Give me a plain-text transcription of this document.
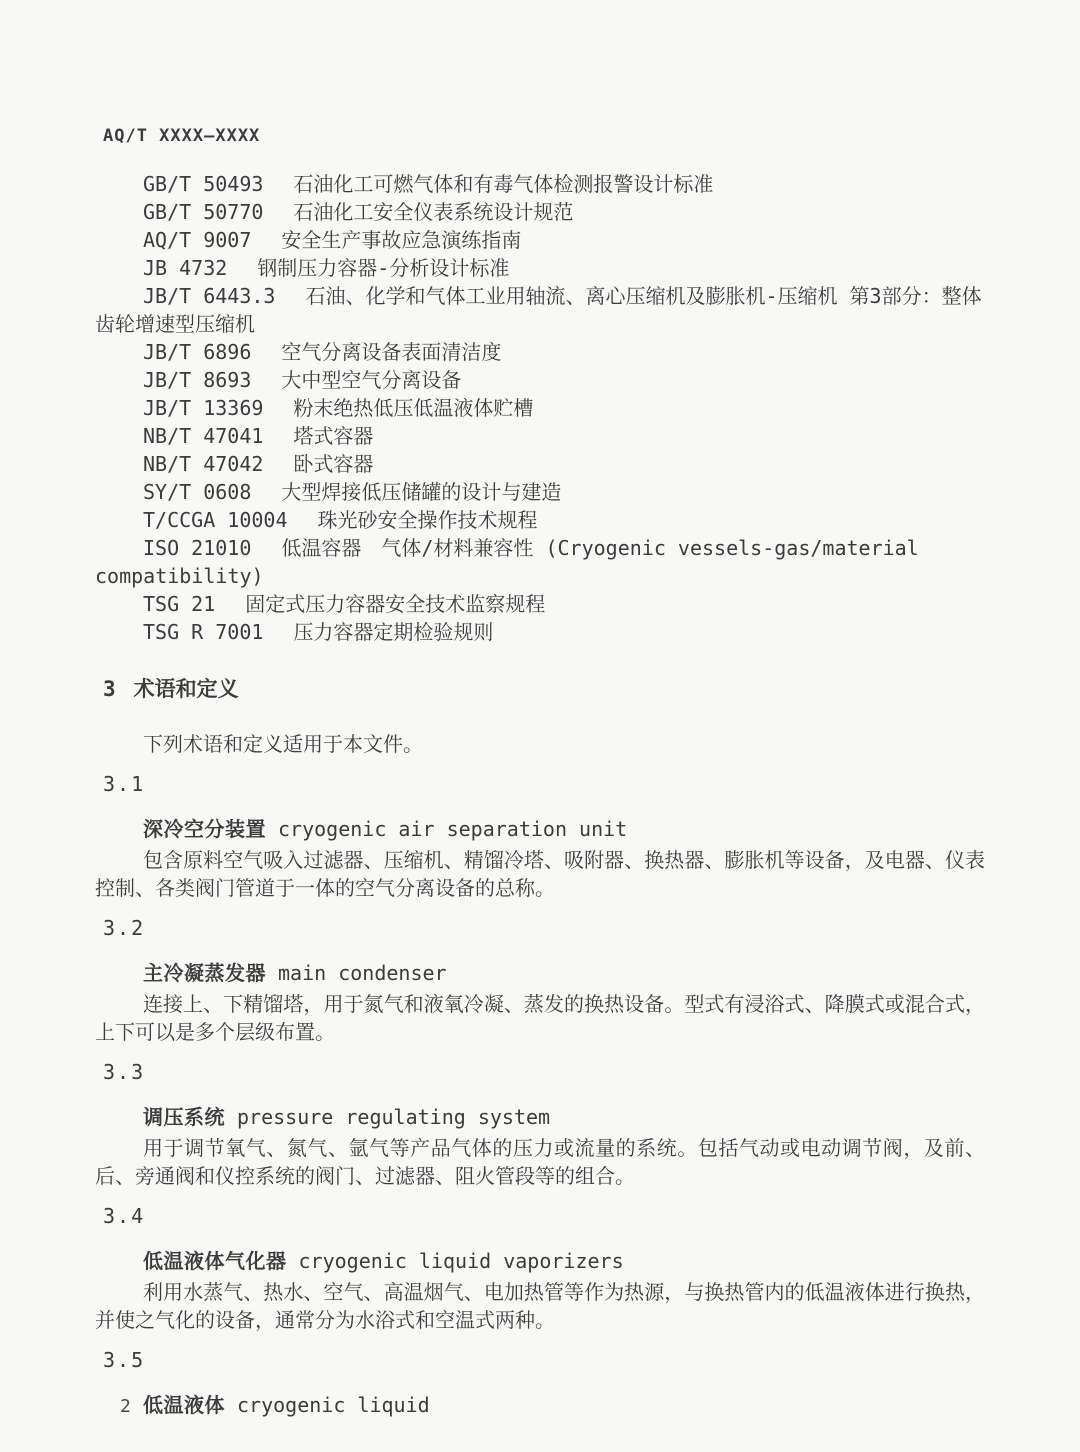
AQ/T XXXX—XXXX
GB/T 50493 石油化工可燃气体和有毒气体检测报警设计标准
GB/T 50770 石油化工安全仪表系统设计规范
AQ/T 9007 安全生产事故应急演练指南
JB 4732 钢制压力容器-分析设计标准
JB/T 6443.3 石油、化学和气体工业用轴流、离心压缩机及膨胀机-压缩机 第3部分：整体齿轮增速型压缩机
JB/T 6896 空气分离设备表面清洁度
JB/T 8693 大中型空气分离设备
JB/T 13369 粉末绝热低压低温液体贮槽
NB/T 47041 塔式容器
NB/T 47042 卧式容器
SY/T 0608 大型焊接低压储罐的设计与建造
T/CCGA 10004 珠光砂安全操作技术规程
ISO 21010 低温容器　气体/材料兼容性 (Cryogenic vessels-gas/material compatibility)
TSG 21 固定式压力容器安全技术监察规程
TSG R 7001 压力容器定期检验规则
3 术语和定义
下列术语和定义适用于本文件。
3.1
深冷空分装置 cryogenic air separation unit
包含原料空气吸入过滤器、压缩机、精馏冷塔、吸附器、换热器、膨胀机等设备，及电器、仪表控制、各类阀门管道于一体的空气分离设备的总称。
3.2
主冷凝蒸发器 main condenser
连接上、下精馏塔，用于氮气和液氧冷凝、蒸发的换热设备。型式有浸浴式、降膜式或混合式，上下可以是多个层级布置。
3.3
调压系统 pressure regulating system
用于调节氧气、氮气、氩气等产品气体的压力或流量的系统。包括气动或电动调节阀，及前、后、旁通阀和仪控系统的阀门、过滤器、阻火管段等的组合。
3.4
低温液体气化器 cryogenic liquid vaporizers
利用水蒸气、热水、空气、高温烟气、电加热管等作为热源，与换热管内的低温液体进行换热，并使之气化的设备，通常分为水浴式和空温式两种。
3.5
低温液体 cryogenic liquid
2
